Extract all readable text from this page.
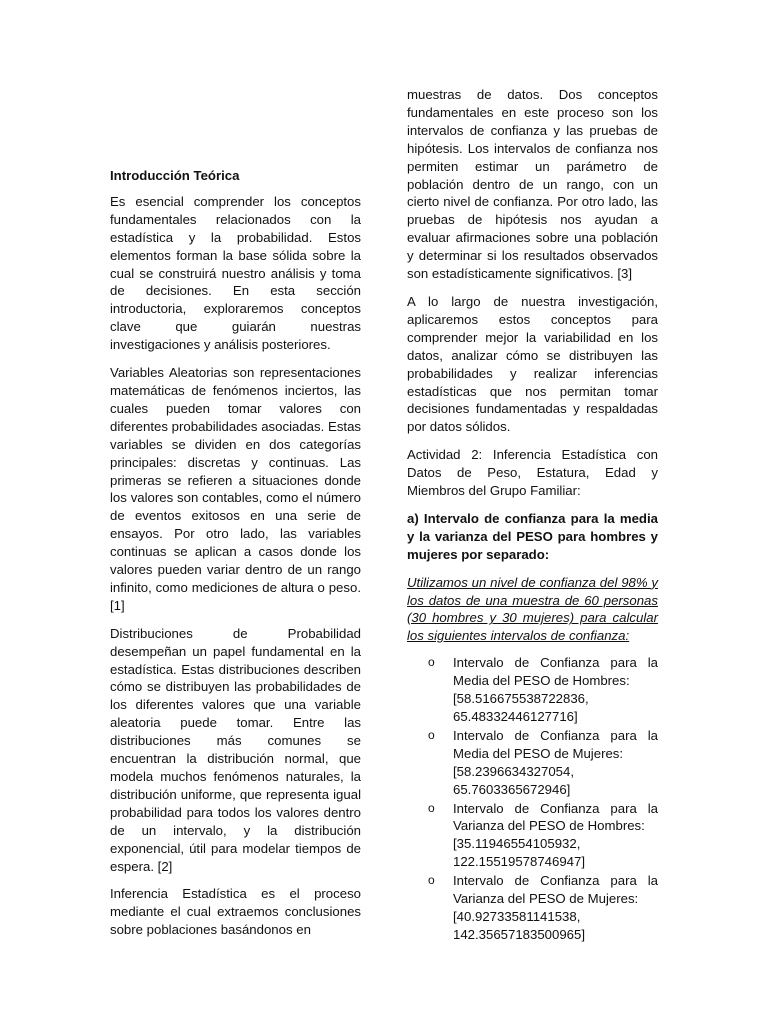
Introducción Teórica

Es esencial comprender los conceptos fundamentales relacionados con la estadística y la probabilidad. Estos elementos forman la base sólida sobre la cual se construirá nuestro análisis y toma de decisiones. En esta sección introductoria, exploraremos conceptos clave que guiarán nuestras investigaciones y análisis posteriores.

Variables Aleatorias son representaciones matemáticas de fenómenos inciertos, las cuales pueden tomar valores con diferentes probabilidades asociadas. Estas variables se dividen en dos categorías principales: discretas y continuas. Las primeras se refieren a situaciones donde los valores son contables, como el número de eventos exitosos en una serie de ensayos. Por otro lado, las variables continuas se aplican a casos donde los valores pueden variar dentro de un rango infinito, como mediciones de altura o peso. [1]

Distribuciones de Probabilidad desempeñan un papel fundamental en la estadística. Estas distribuciones describen cómo se distribuyen las probabilidades de los diferentes valores que una variable aleatoria puede tomar. Entre las distribuciones más comunes se encuentran la distribución normal, que modela muchos fenómenos naturales, la distribución uniforme, que representa igual probabilidad para todos los valores dentro de un intervalo, y la distribución exponencial, útil para modelar tiempos de espera. [2]

Inferencia Estadística es el proceso mediante el cual extraemos conclusiones sobre poblaciones basándonos en

muestras de datos. Dos conceptos fundamentales en este proceso son los intervalos de confianza y las pruebas de hipótesis. Los intervalos de confianza nos permiten estimar un parámetro de población dentro de un rango, con un cierto nivel de confianza. Por otro lado, las pruebas de hipótesis nos ayudan a evaluar afirmaciones sobre una población y determinar si los resultados observados son estadísticamente significativos. [3]

A lo largo de nuestra investigación, aplicaremos estos conceptos para comprender mejor la variabilidad en los datos, analizar cómo se distribuyen las probabilidades y realizar inferencias estadísticas que nos permitan tomar decisiones fundamentadas y respaldadas por datos sólidos.

Actividad 2: Inferencia Estadística con Datos de Peso, Estatura, Edad y Miembros del Grupo Familiar:

a) Intervalo de confianza para la media y la varianza del PESO para hombres y mujeres por separado:

Utilizamos un nivel de confianza del 98% y los datos de una muestra de 60 personas (30 hombres y 30 mujeres) para calcular los siguientes intervalos de confianza:

o Intervalo de Confianza para la Media del PESO de Hombres:
[58.516675538722836, 65.48332446127716]
o Intervalo de Confianza para la Media del PESO de Mujeres:
[58.2396634327054, 65.7603365672946]
o Intervalo de Confianza para la Varianza del PESO de Hombres:
[35.11946554105932, 122.15519578746947]
o Intervalo de Confianza para la Varianza del PESO de Mujeres:
[40.92733581141538, 142.35657183500965]
